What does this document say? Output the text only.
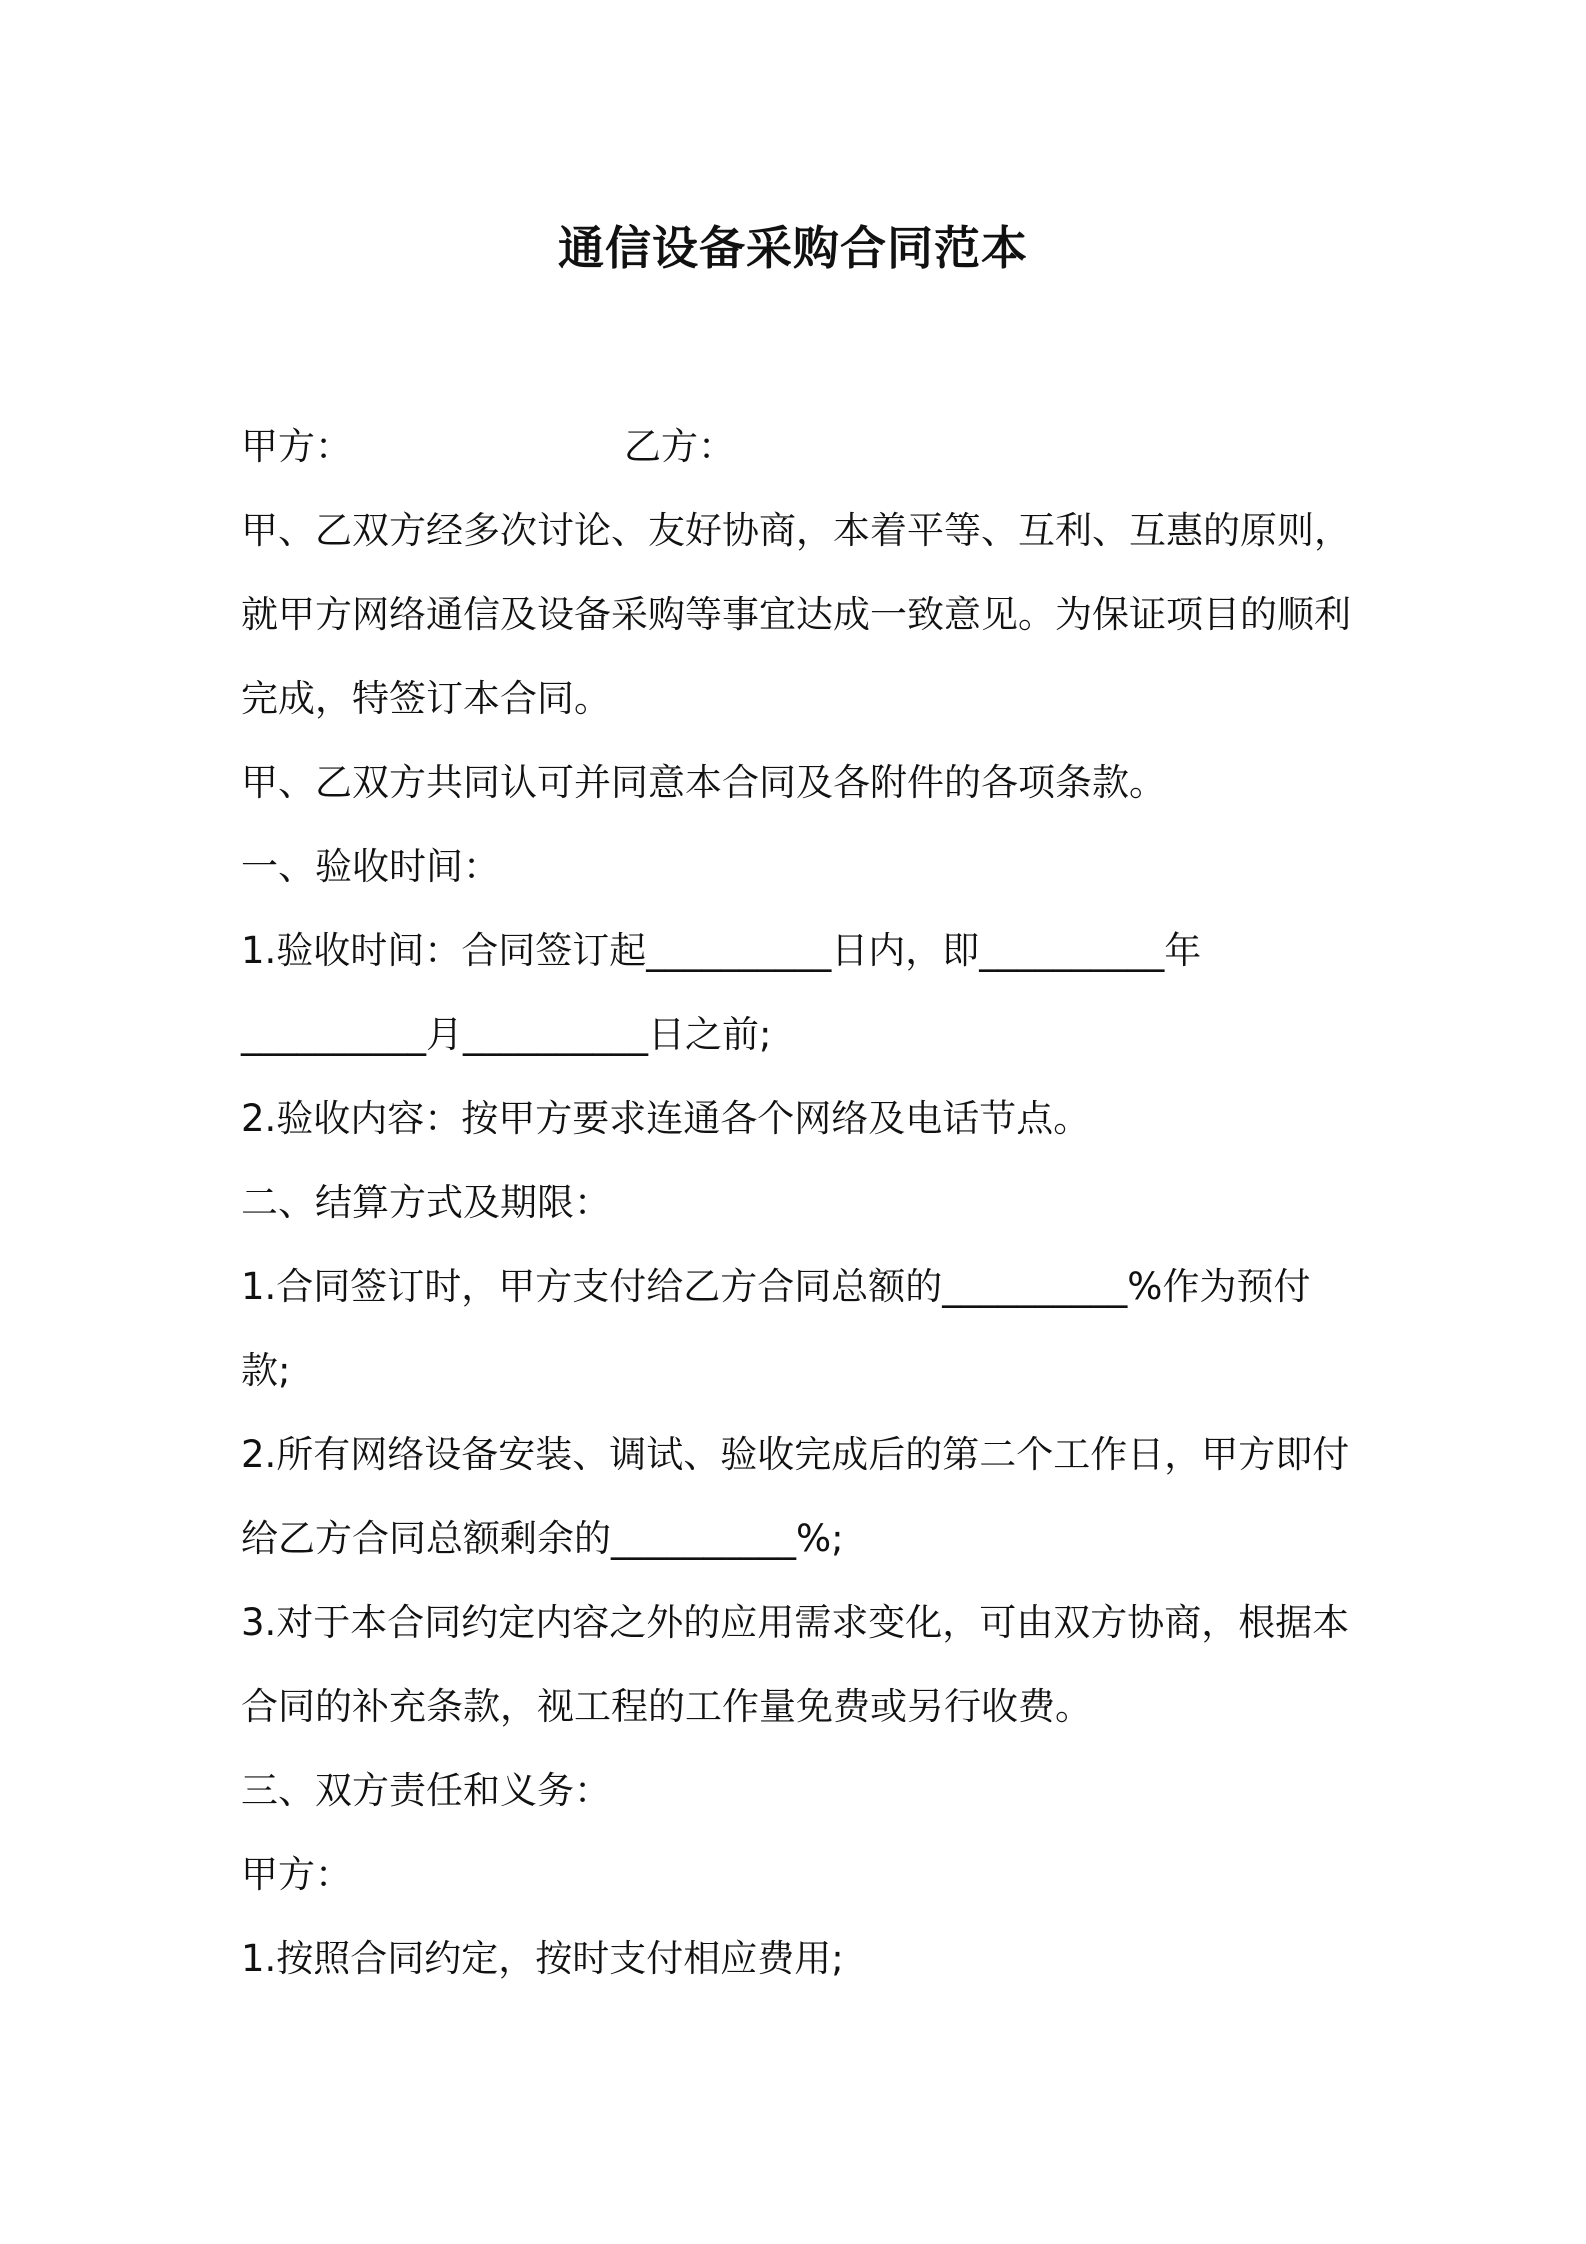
通信设备采购合同范本
甲方：	乙方：
甲、乙双方经多次讨论、友好协商，本着平等、互利、互惠的原则，
就甲方网络通信及设备采购等事宜达成一致意见。为保证项目的顺利
完成，特签订本合同。
甲、乙双方共同认可并同意本合同及各附件的各项条款。
一、验收时间：
1.验收时间：合同签订起__________日内，即__________年
__________月__________日之前;
2.验收内容：按甲方要求连通各个网络及电话节点。
二、结算方式及期限：
1.合同签订时，甲方支付给乙方合同总额的__________%作为预付
款;
2.所有网络设备安装、调试、验收完成后的第二个工作日，甲方即付
给乙方合同总额剩余的__________%;
3.对于本合同约定内容之外的应用需求变化，可由双方协商，根据本
合同的补充条款，视工程的工作量免费或另行收费。
三、双方责任和义务：
甲方：
1.按照合同约定，按时支付相应费用;
